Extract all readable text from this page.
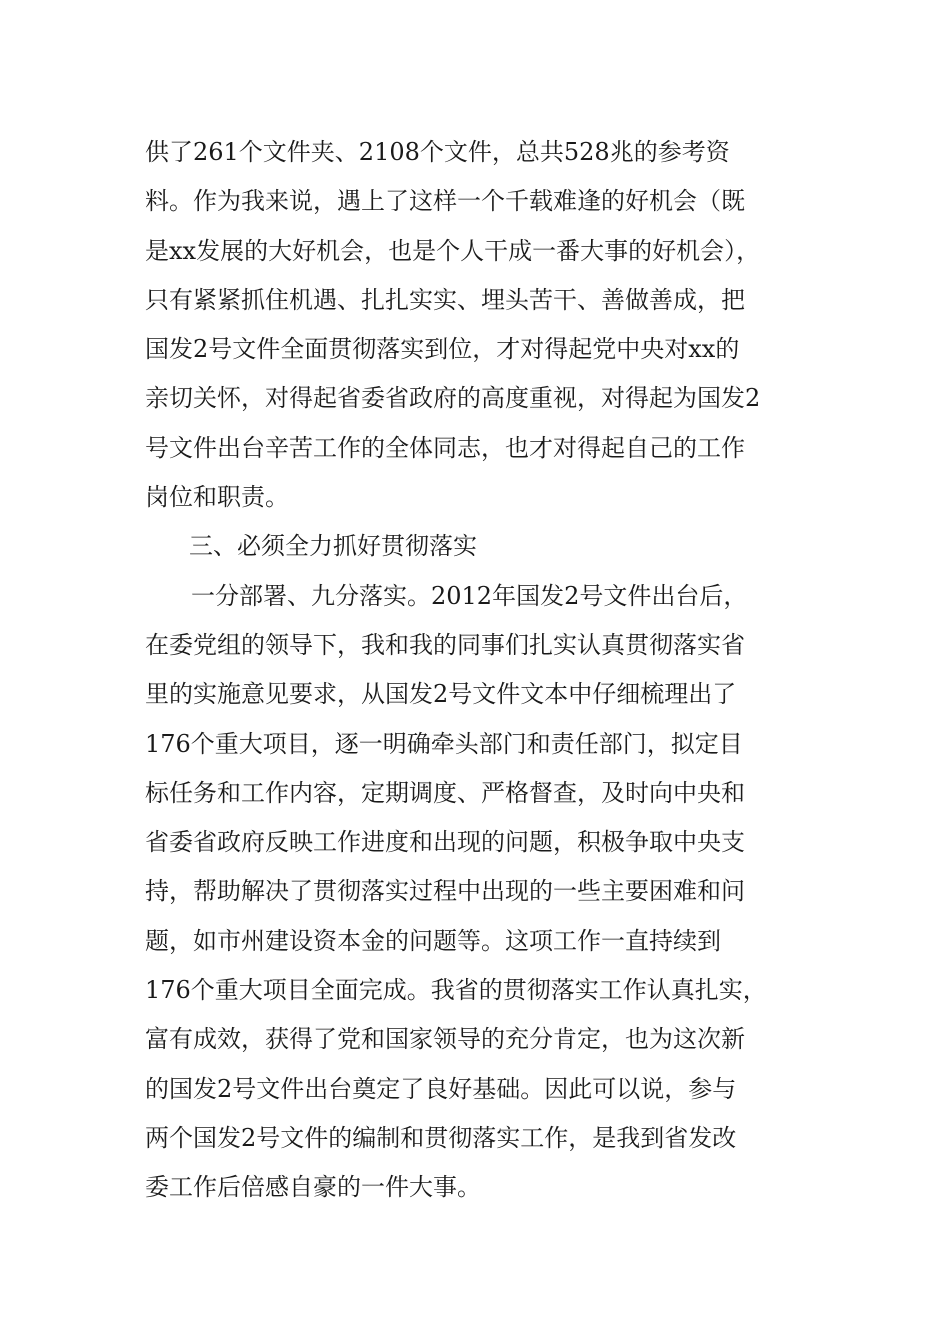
供了261个文件夹、2108个文件，总共528兆的参考资
料。作为我来说，遇上了这样一个千载难逢的好机会（既
是xx发展的大好机会，也是个人干成一番大事的好机会），
只有紧紧抓住机遇、扎扎实实、埋头苦干、善做善成，把
国发2号文件全面贯彻落实到位，才对得起党中央对xx的
亲切关怀，对得起省委省政府的高度重视，对得起为国发2
号文件出台辛苦工作的全体同志，也才对得起自己的工作
岗位和职责。
三、必须全力抓好贯彻落实
一分部署、九分落实。2012年国发2号文件出台后，
在委党组的领导下，我和我的同事们扎实认真贯彻落实省
里的实施意见要求，从国发2号文件文本中仔细梳理出了
176个重大项目，逐一明确牵头部门和责任部门，拟定目
标任务和工作内容，定期调度、严格督查，及时向中央和
省委省政府反映工作进度和出现的问题，积极争取中央支
持，帮助解决了贯彻落实过程中出现的一些主要困难和问
题，如市州建设资本金的问题等。这项工作一直持续到
176个重大项目全面完成。我省的贯彻落实工作认真扎实，
富有成效，获得了党和国家领导的充分肯定，也为这次新
的国发2号文件出台奠定了良好基础。因此可以说，参与
两个国发2号文件的编制和贯彻落实工作，是我到省发改
委工作后倍感自豪的一件大事。
